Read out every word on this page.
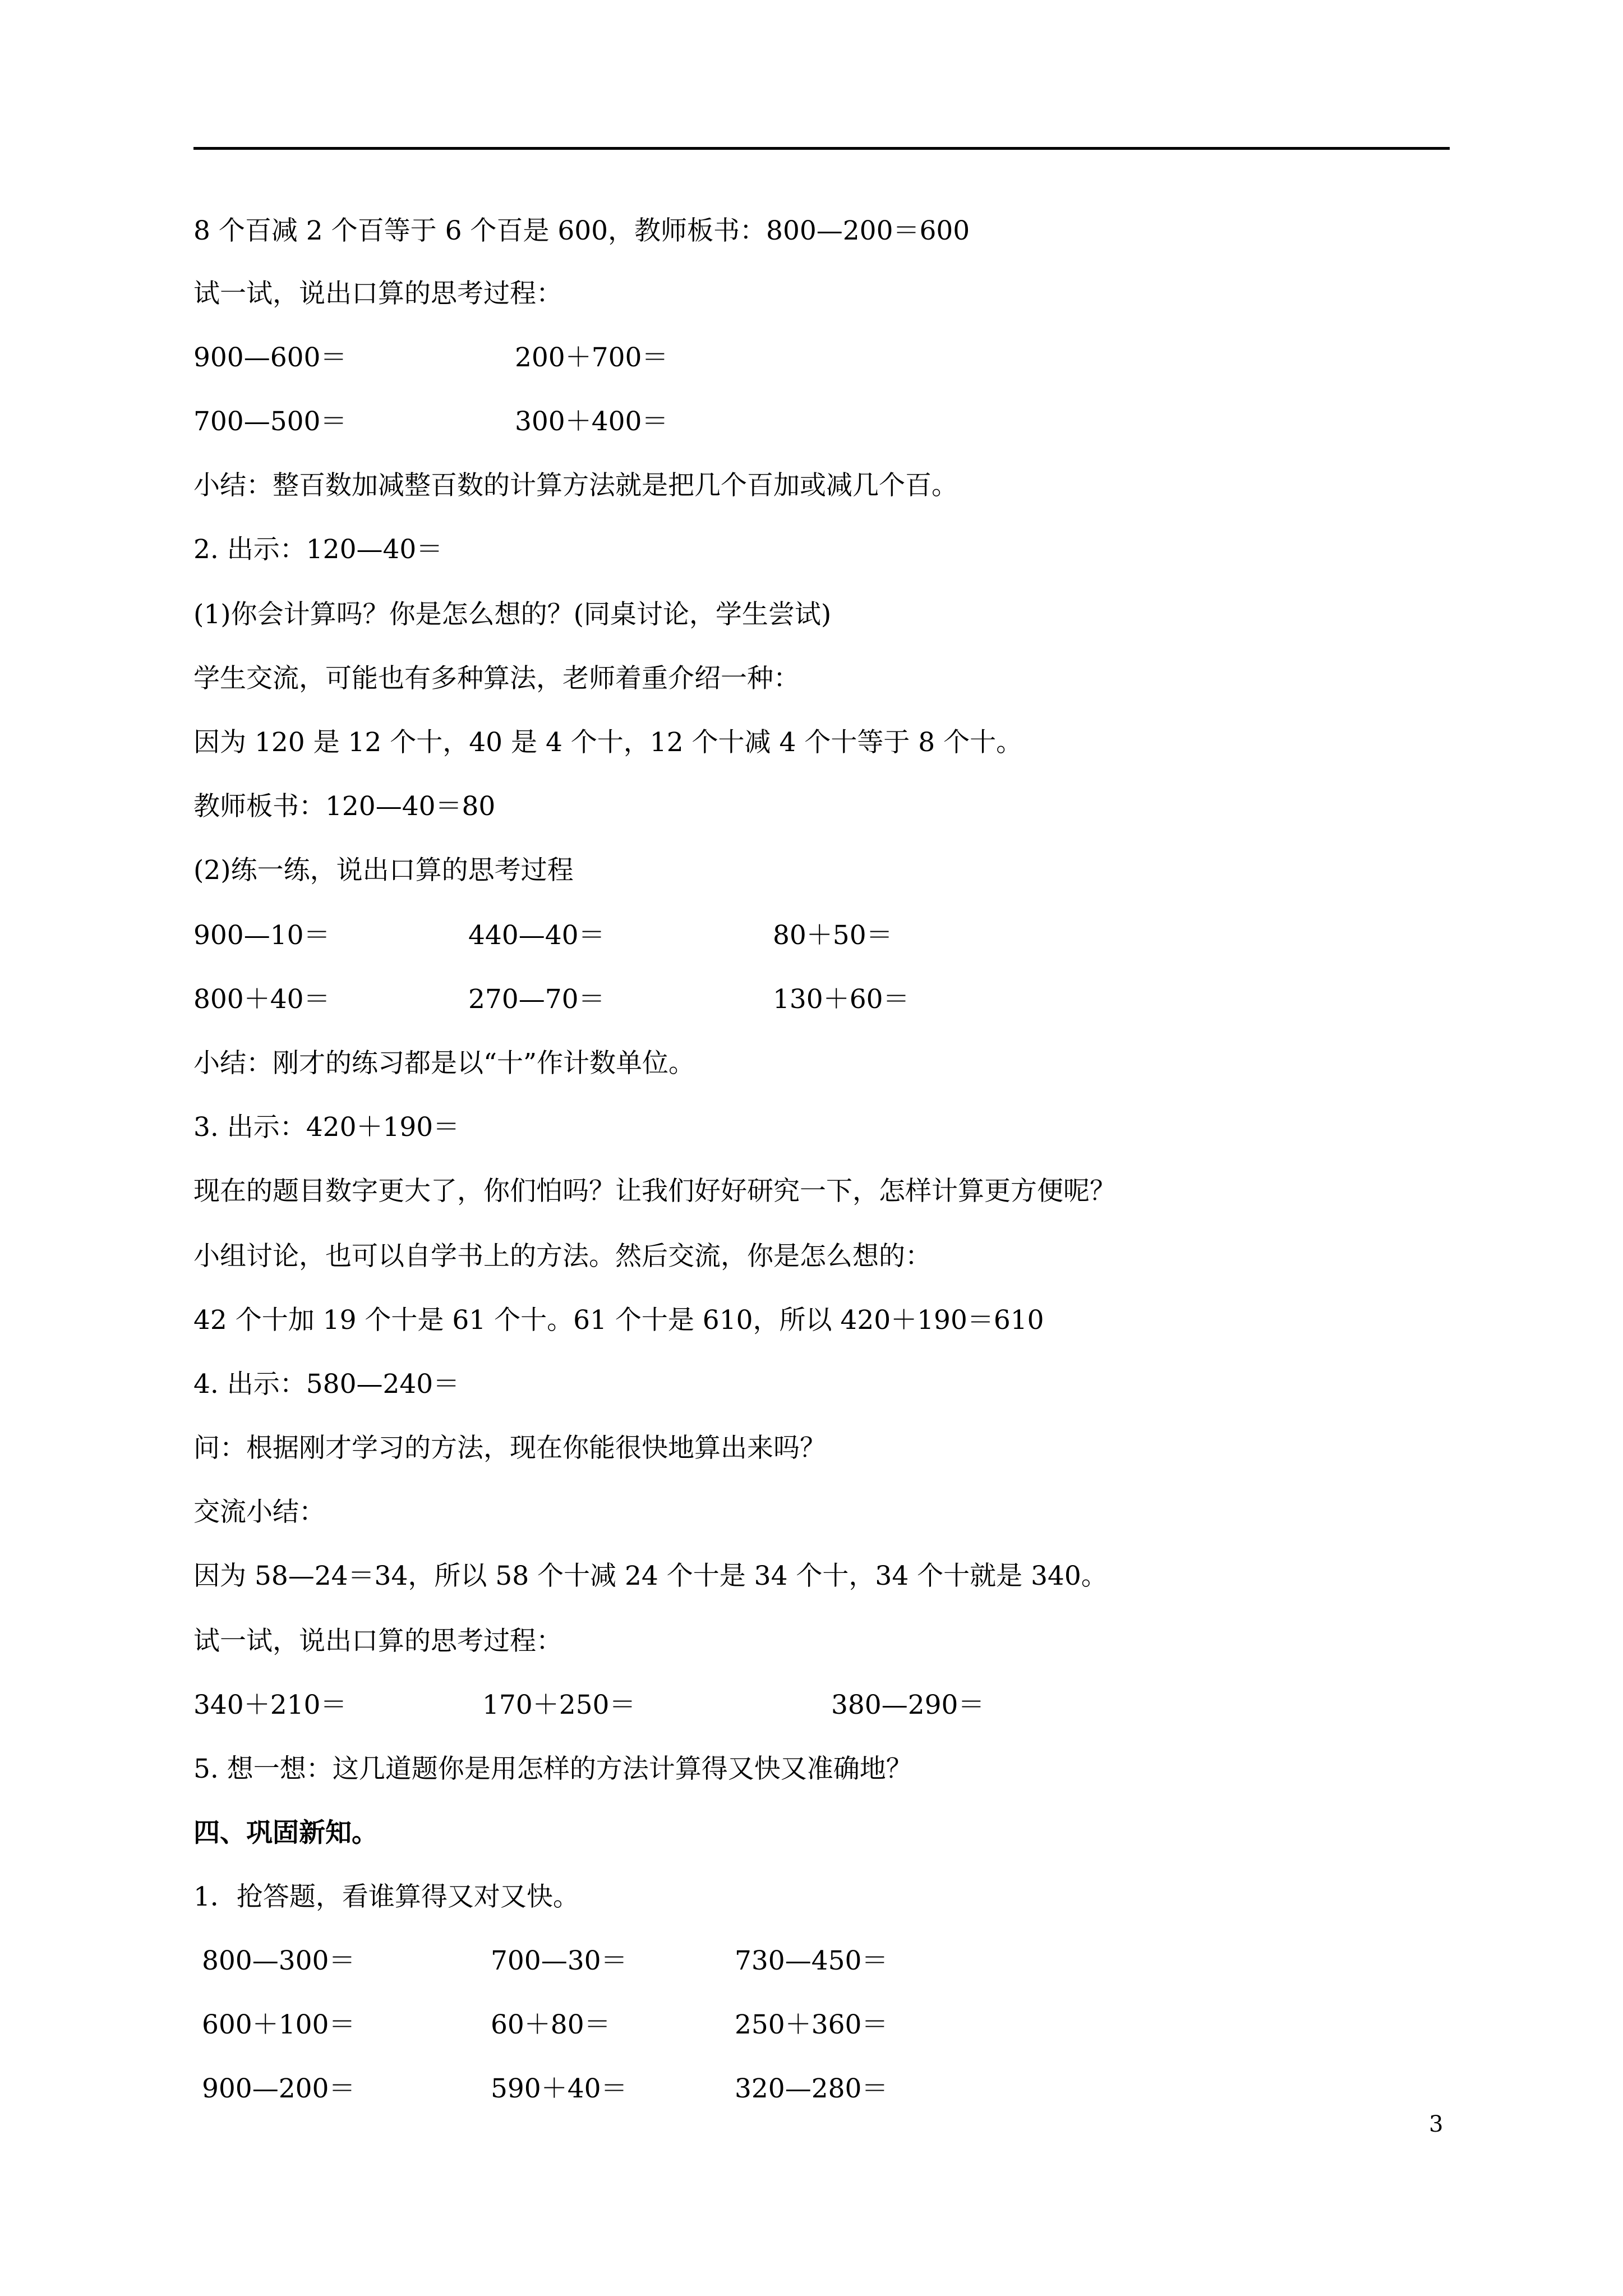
8 个百减 2 个百等于 6 个百是 600，教师板书：800—200＝600
试一试，说出口算的思考过程：
900—600＝	200＋700＝
700—500＝	300＋400＝
小结：整百数加减整百数的计算方法就是把几个百加或减几个百。
2. 出示：120—40＝
(1)你会计算吗？你是怎么想的？(同桌讨论，学生尝试)
学生交流，可能也有多种算法，老师着重介绍一种：
因为 120 是 12 个十，40 是 4 个十，12 个十减 4 个十等于 8 个十。
教师板书：120—40＝80
(2)练一练，说出口算的思考过程
900—10＝	440—40＝	80＋50＝
800＋40＝	270—70＝	130＋60＝
小结：刚才的练习都是以“十”作计数单位。
3. 出示：420＋190＝
现在的题目数字更大了，你们怕吗？让我们好好研究一下，怎样计算更方便呢？
小组讨论，也可以自学书上的方法。然后交流，你是怎么想的：
42 个十加 19 个十是 61 个十。61 个十是 610，所以 420＋190＝610
4. 出示：580—240＝
问：根据刚才学习的方法，现在你能很快地算出来吗？
交流小结：
因为 58—24＝34，所以 58 个十减 24 个十是 34 个十，34 个十就是 340。
试一试，说出口算的思考过程：
340＋210＝	170＋250＝	380—290＝
5. 想一想：这几道题你是用怎样的方法计算得又快又准确地？
四、巩固新知。
1．抢答题，看谁算得又对又快。
800—300＝	700—30＝	730—450＝
600＋100＝	60＋80＝	250＋360＝
900—200＝	590＋40＝	320—280＝
3
